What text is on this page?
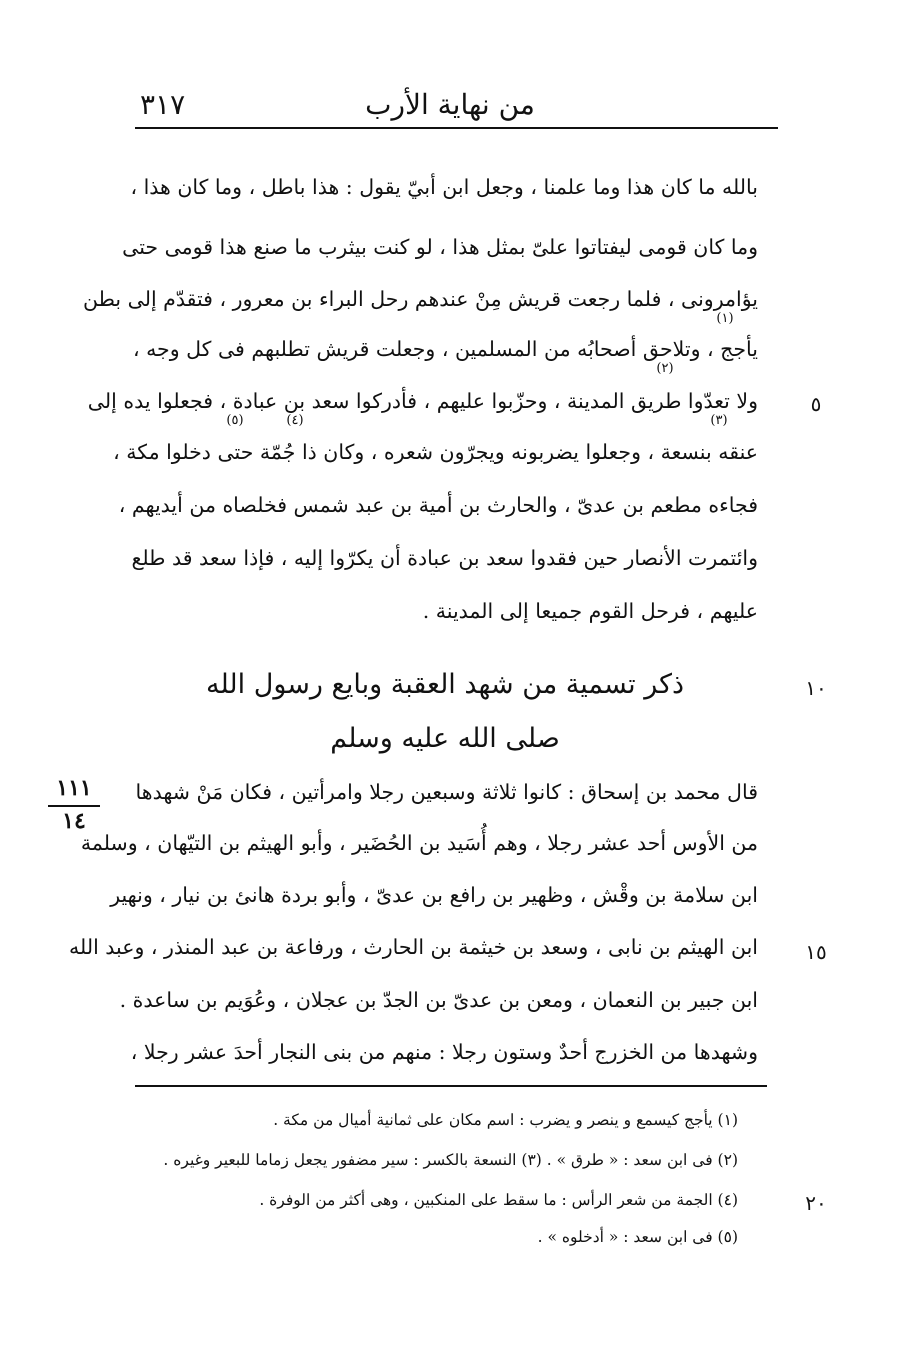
من نهاية الأرب
٣١٧
بالله ما كان هذا وما علمنا ، وجعل ابن أبيّ يقول : هذا باطل ، وما كان هذا ،
وما كان قومى ليفتاتوا علىّ بمثل هذا ، لو كنت بيثرب ما صنع هذا قومى حتى
يؤامرونى ، فلما رجعت قريش مِنْ عندهم رحل البراء بن معرور ، فتقدّم إلى بطن
(١)
يأجج ، وتلاحق أصحابُه من المسلمين ، وجعلت قريش تطلبهم فى كل وجه ،
(٢)
ولا تعدّوا طريق المدينة ، وحزّبوا عليهم ، فأدركوا سعد بن عبادة ، فجعلوا يده إلى
(٣)
(٤)
(٥)
عنقه بنسعة ، وجعلوا يضربونه ويجرّون شعره ، وكان ذا جُمّة حتى دخلوا مكة ،
فجاءه مطعم بن عدىّ ، والحارث بن أمية بن عبد شمس فخلصاه من أيديهم ،
وائتمرت الأنصار حين فقدوا سعد بن عبادة أن يكرّوا إليه ، فإذا سعد قد طلع
عليهم ، فرحل القوم جميعا إلى المدينة .
ذكر تسمية من شهد العقبة وبايع رسول الله
صلى الله عليه وسلم
قال محمد بن إسحاق : كانوا ثلاثة وسبعين رجلا وامرأتين ، فكان مَنْ شهدها
من الأوس أحد عشر رجلا ، وهم أُسَيد بن الحُضَير ، وأبو الهيثم بن التيّهان ، وسلمة
ابن سلامة بن وقْش ، وظهير بن رافع بن عدىّ ، وأبو بردة هانئ بن نيار ، ونهير
ابن الهيثم بن نابى ، وسعد بن خيثمة بن الحارث ، ورفاعة بن عبد المنذر ، وعبد الله
ابن جبير بن النعمان ، ومعن بن عدىّ بن الجدّ بن عجلان ، وعُوَيم بن ساعدة .
وشهدها من الخزرج أحدٌ وستون رجلا : منهم من بنى النجار أحدَ عشر رجلا ،
٥
١٠
١٥
٢٠
١١١
١٤
(١) يأجج كيسمع و ينصر و يضرب : اسم مكان على ثمانية أميال من مكة .
(٢) فى ابن سعد : « طرق » . (٣) النسعة بالكسر : سير مضفور يجعل زماما للبعير وغيره .
(٤) الجمة من شعر الرأس : ما سقط على المنكبين ، وهى أكثر من الوفرة .
(٥) فى ابن سعد : « أدخلوه » .
